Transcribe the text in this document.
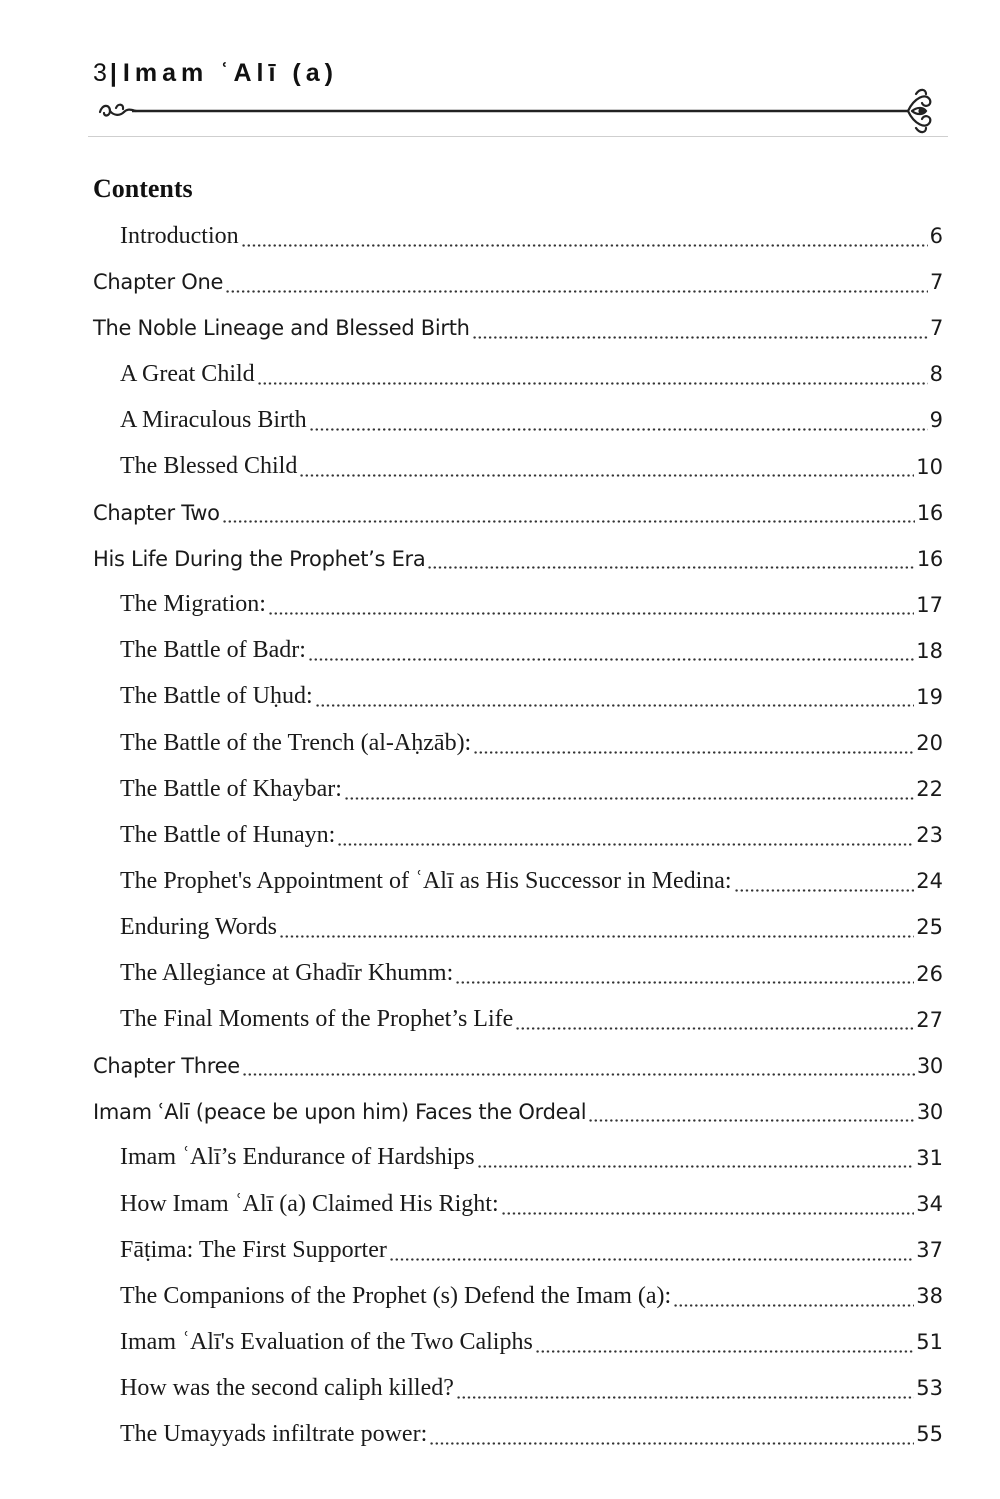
3| Imam ʿAlī (a)
Contents
Introduction	6
Chapter One	7
The Noble Lineage and Blessed Birth	7
A Great Child	8
A Miraculous Birth	9
The Blessed Child	10
Chapter Two	16
His Life During the Prophet’s Era	16
The Migration:	17
The Battle of Badr:	18
The Battle of Uḥud:	19
The Battle of the Trench (al-Aḥzāb):	20
The Battle of Khaybar:	22
The Battle of Hunayn:	23
The Prophet's Appointment of ʿAlī as His Successor in Medina:	24
Enduring Words	25
The Allegiance at Ghadīr Khumm:	26
The Final Moments of the Prophet’s Life	27
Chapter Three	30
Imam ʿAlī (peace be upon him) Faces the Ordeal	30
Imam ʿAlī’s Endurance of Hardships	31
How Imam ʿAlī (a) Claimed His Right:	34
Fāṭima: The First Supporter	37
The Companions of the Prophet (s) Defend the Imam (a):	38
Imam ʿAlī's Evaluation of the Two Caliphs	51
How was the second caliph killed?	53
The Umayyads infiltrate power:	55
